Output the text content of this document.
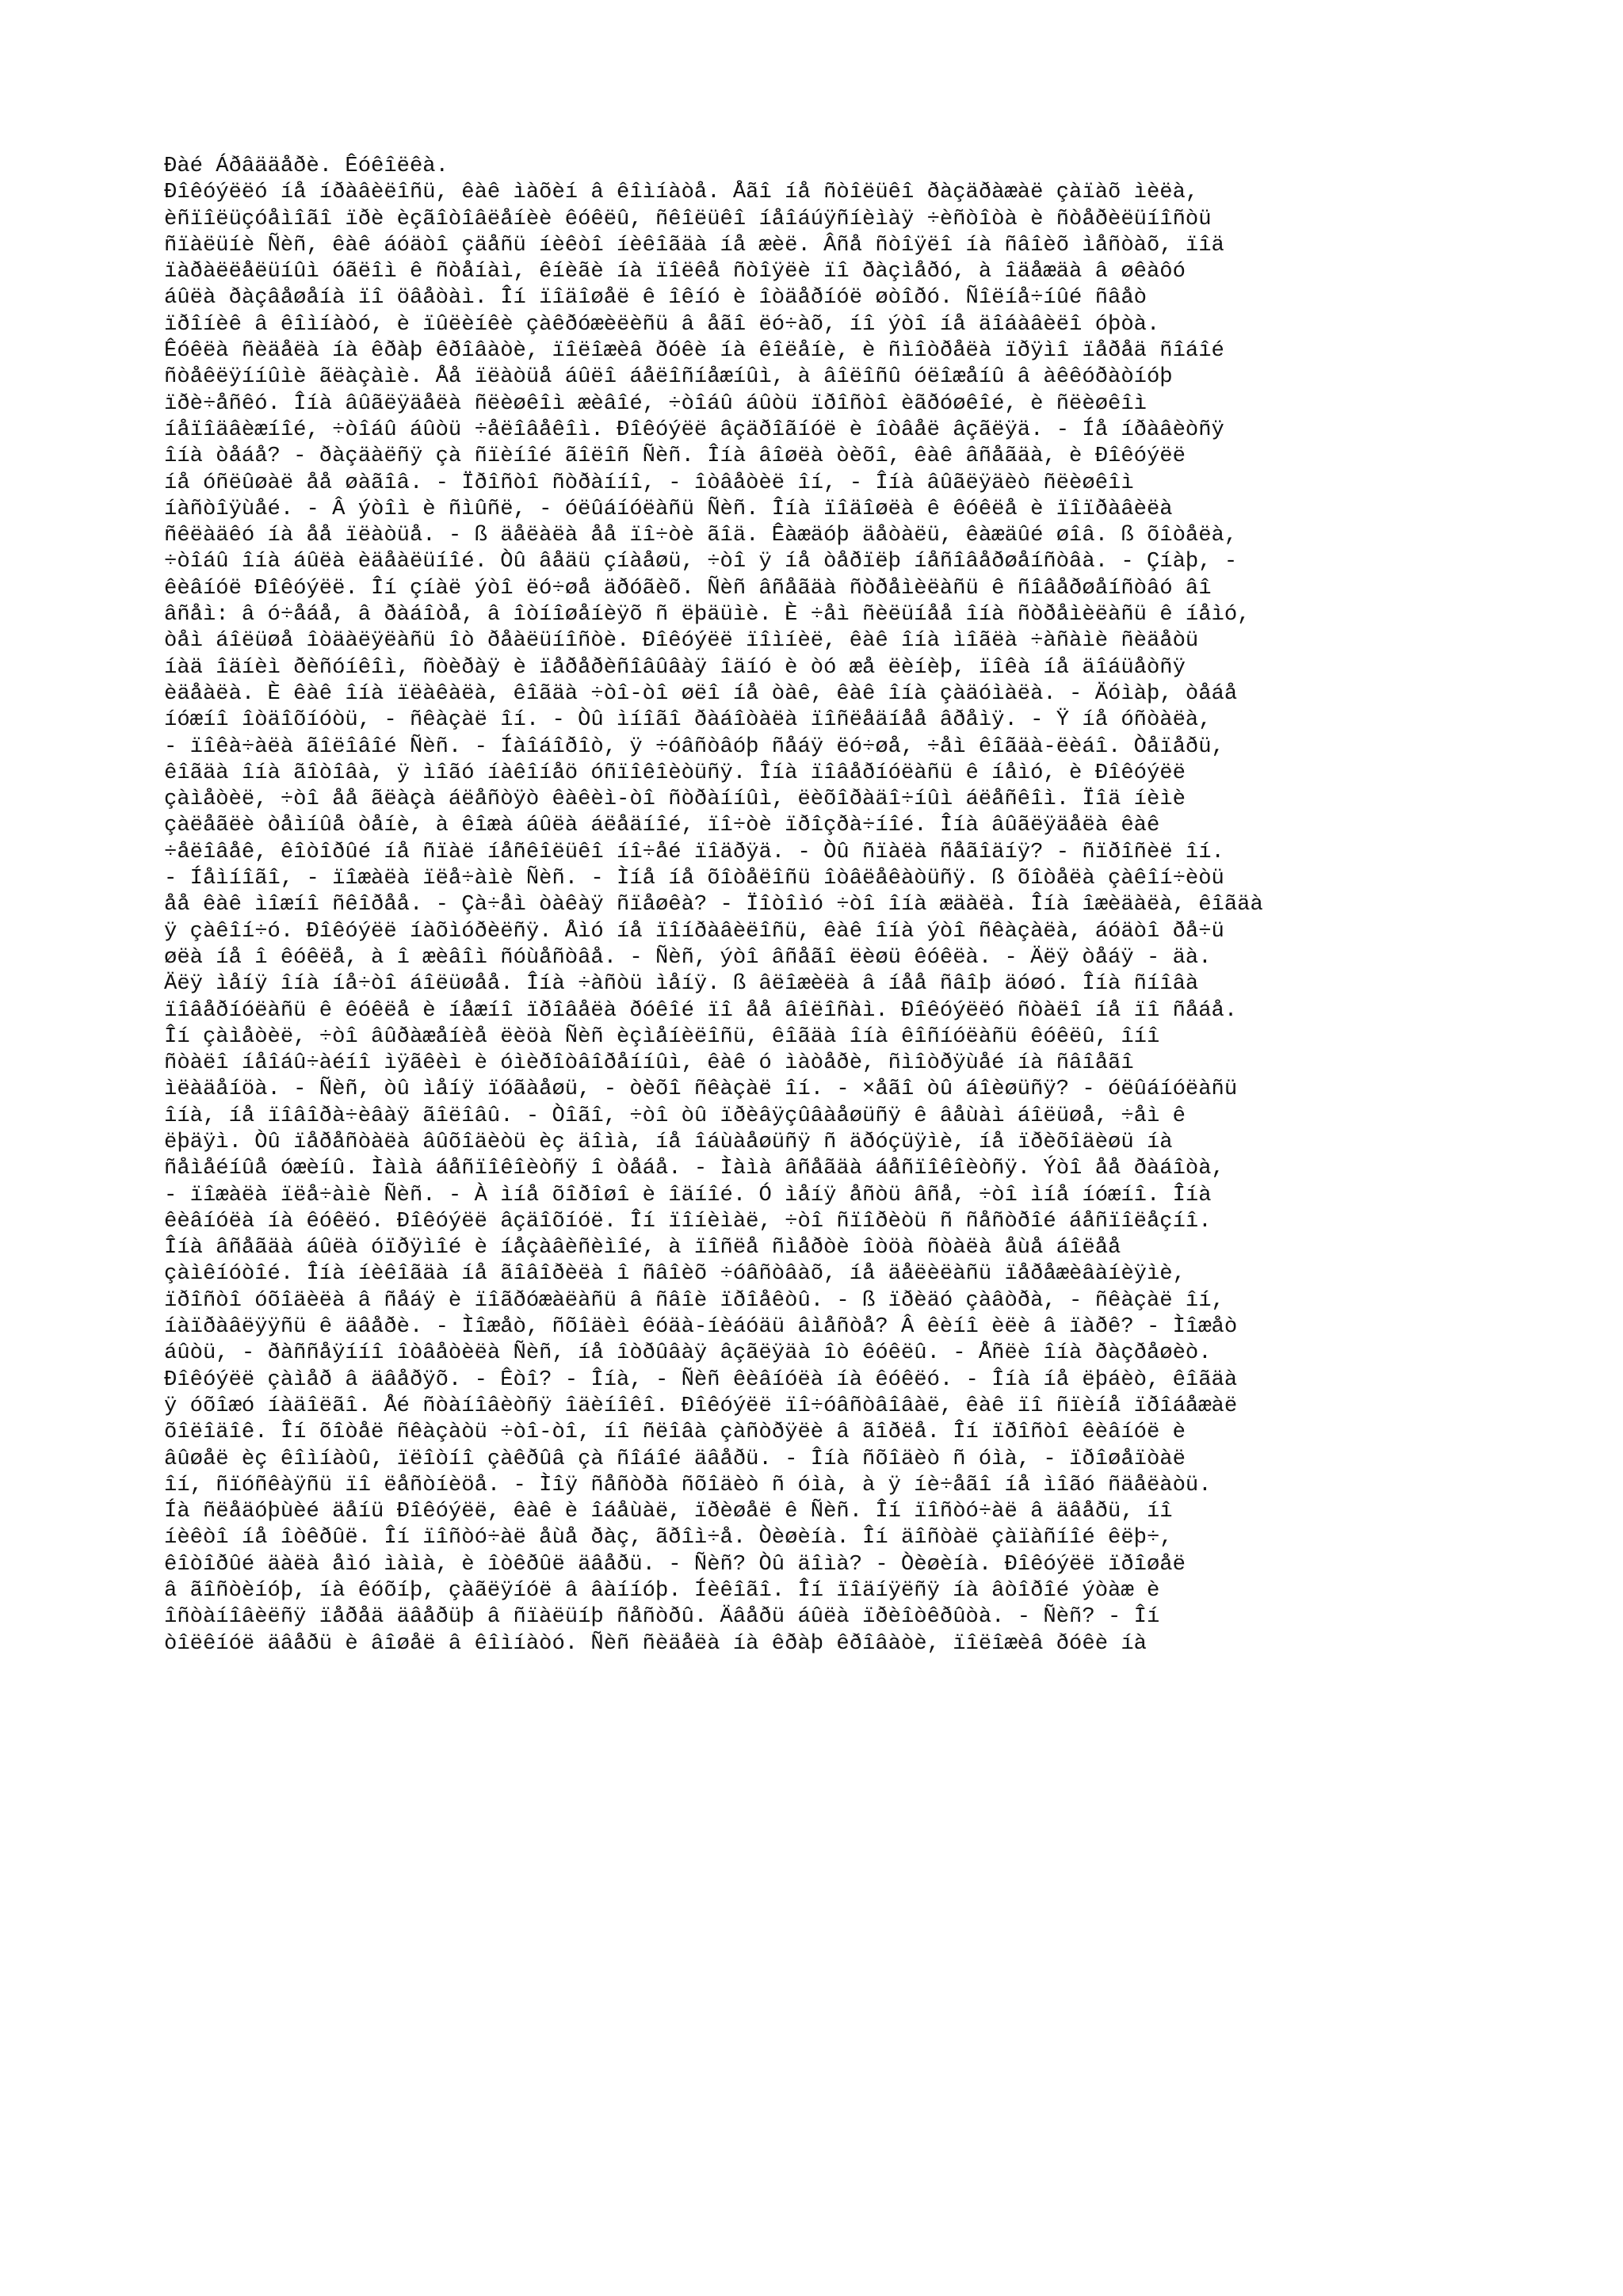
Ðàé Áðâääåðè. Êóêîëêà.
Ðîêóýëëó íå íðàâèëîñü, êàê ìàõèí â êîìíàòå. Åãî íå ñòîëüêî ðàçäðàæàë çàïàõ ìèëà,
èñïîëüçóåìîãî ïðè èçãîòîâëåíèè êóêëû, ñêîëüêî íåîáúÿñíèìàÿ ÷èñòîòà è ñòåðèëüíîñòü
ñïàëüíè Ñèñ, êàê áóäòî çäåñü íèêòî íèêîãäà íå æèë. Âñå ñòîÿëî íà ñâîèõ ìåñòàõ, ïîä
ïàðàëëåëüíûì óãëîì ê ñòåíàì, êíèãè íà ïîëêå ñòîÿëè ïî ðàçìåðó, à îäåæäà â øêàôó
áûëà ðàçâåøåíà ïî öâåòàì. Îí ïîäîøåë ê îêíó è îòäåðíóë øòîðó. Ñîëíå÷íûé ñâåò
ïðîíèê â êîìíàòó, è ïûëèíêè çàêðóæèëèñü â åãî ëó÷àõ, íî ýòî íå äîáàâèëî óþòà.
Êóêëà ñèäåëà íà êðàþ êðîâàòè, ïîëîæèâ ðóêè íà êîëåíè, è ñìîòðåëà ïðÿìî ïåðåä ñîáîé
ñòåêëÿííûìè ãëàçàìè. Åå ïëàòüå áûëî áåëîñíåæíûì, à âîëîñû óëîæåíû â àêêóðàòíóþ
ïðè÷åñêó. Îíà âûãëÿäåëà ñëèøêîì æèâîé, ÷òîáû áûòü ïðîñòî èãðóøêîé, è ñëèøêîì
íåïîäâèæíîé, ÷òîáû áûòü ÷åëîâåêîì. Ðîêóýëë âçäðîãíóë è îòâåë âçãëÿä. - Íå íðàâèòñÿ
îíà òåáå? - ðàçäàëñÿ çà ñïèíîé ãîëîñ Ñèñ. Îíà âîøëà òèõî, êàê âñåãäà, è Ðîêóýëë
íå óñëûøàë åå øàãîâ. - Ïðîñòî ñòðàííî, - îòâåòèë îí, - Îíà âûãëÿäèò ñëèøêîì
íàñòîÿùåé. - Â ýòîì è ñìûñë, - óëûáíóëàñü Ñèñ. Îíà ïîäîøëà ê êóêëå è ïîïðàâèëà
ñêëàäêó íà åå ïëàòüå. - ß äåëàëà åå ïî÷òè ãîä. Êàæäóþ äåòàëü, êàæäûé øîâ. ß õîòåëà,
÷òîáû îíà áûëà èäåàëüíîé. Òû âåäü çíàåøü, ÷òî ÿ íå òåðïëþ íåñîâåðøåíñòâà. - Çíàþ, -
êèâíóë Ðîêóýëë. Îí çíàë ýòî ëó÷øå äðóãèõ. Ñèñ âñåãäà ñòðåìèëàñü ê ñîâåðøåíñòâó âî
âñåì: â ó÷åáå, â ðàáîòå, â îòíîøåíèÿõ ñ ëþäüìè. È ÷åì ñèëüíåå îíà ñòðåìèëàñü ê íåìó,
òåì áîëüøå îòäàëÿëàñü îò ðåàëüíîñòè. Ðîêóýëë ïîìíèë, êàê îíà ìîãëà ÷àñàìè ñèäåòü
íàä îäíèì ðèñóíêîì, ñòèðàÿ è ïåðåðèñîâûâàÿ îäíó è òó æå ëèíèþ, ïîêà íå äîáüåòñÿ
èäåàëà. È êàê îíà ïëàêàëà, êîãäà ÷òî-òî øëî íå òàê, êàê îíà çàäóìàëà. - Äóìàþ, òåáå
íóæíî îòäîõíóòü, - ñêàçàë îí. - Òû ìíîãî ðàáîòàëà ïîñëåäíåå âðåìÿ. - Ÿ íå óñòàëà,
- ïîêà÷àëà ãîëîâîé Ñèñ. - Íàîáîðîò, ÿ ÷óâñòâóþ ñåáÿ ëó÷øå, ÷åì êîãäà-ëèáî. Òåïåðü,
êîãäà îíà ãîòîâà, ÿ ìîãó íàêîíåö óñïîêîèòüñÿ. Îíà ïîâåðíóëàñü ê íåìó, è Ðîêóýëë
çàìåòèë, ÷òî åå ãëàçà áëåñòÿò êàêèì-òî ñòðàííûì, ëèõîðàäî÷íûì áëåñêîì. Ïîä íèìè
çàëåãëè òåìíûå òåíè, à êîæà áûëà áëåäíîé, ïî÷òè ïðîçðà÷íîé. Îíà âûãëÿäåëà êàê
÷åëîâåê, êîòîðûé íå ñïàë íåñêîëüêî íî÷åé ïîäðÿä. - Òû ñïàëà ñåãîäíÿ? - ñïðîñèë îí.
- Íåìíîãî, - ïîæàëà ïëå÷àìè Ñèñ. - Ìíå íå õîòåëîñü îòâëåêàòüñÿ. ß õîòåëà çàêîí÷èòü
åå êàê ìîæíî ñêîðåå. - Çà÷åì òàêàÿ ñïåøêà? - Ïîòîìó ÷òî îíà æäàëà. Îíà îæèäàëà, êîãäà
ÿ çàêîí÷ó. Ðîêóýëë íàõìóðèëñÿ. Åìó íå ïîíðàâèëîñü, êàê îíà ýòî ñêàçàëà, áóäòî ðå÷ü
øëà íå î êóêëå, à î æèâîì ñóùåñòâå. - Ñèñ, ýòî âñåãî ëèøü êóêëà. - Äëÿ òåáÿ - äà.
Äëÿ ìåíÿ îíà íå÷òî áîëüøåå. Îíà ÷àñòü ìåíÿ. ß âëîæèëà â íåå ñâîþ äóøó. Îíà ñíîâà
ïîâåðíóëàñü ê êóêëå è íåæíî ïðîâåëà ðóêîé ïî åå âîëîñàì. Ðîêóýëëó ñòàëî íå ïî ñåáå.
Îí çàìåòèë, ÷òî âûðàæåíèå ëèöà Ñèñ èçìåíèëîñü, êîãäà îíà êîñíóëàñü êóêëû, îíî
ñòàëî íåîáû÷àéíî ìÿãêèì è óìèðîòâîðåííûì, êàê ó ìàòåðè, ñìîòðÿùåé íà ñâîåãî
ìëàäåíöà. - Ñèñ, òû ìåíÿ ïóãàåøü, - òèõî ñêàçàë îí. - ×åãî òû áîèøüñÿ? - óëûáíóëàñü
îíà, íå ïîâîðà÷èâàÿ ãîëîâû. - Òîãî, ÷òî òû ïðèâÿçûâàåøüñÿ ê âåùàì áîëüøå, ÷åì ê
ëþäÿì. Òû ïåðåñòàëà âûõîäèòü èç äîìà, íå îáùàåøüñÿ ñ äðóçüÿìè, íå ïðèõîäèøü íà
ñåìåéíûå óæèíû. Ìàìà áåñïîêîèòñÿ î òåáå. - Ìàìà âñåãäà áåñïîêîèòñÿ. Ýòî åå ðàáîòà,
- ïîæàëà ïëå÷àìè Ñèñ. - À ìíå õîðîøî è îäíîé. Ó ìåíÿ åñòü âñå, ÷òî ìíå íóæíî. Îíà
êèâíóëà íà êóêëó. Ðîêóýëë âçäîõíóë. Îí ïîíèìàë, ÷òî ñïîðèòü ñ ñåñòðîé áåñïîëåçíî.
Îíà âñåãäà áûëà óïðÿìîé è íåçàâèñèìîé, à ïîñëå ñìåðòè îòöà ñòàëà åùå áîëåå
çàìêíóòîé. Îíà íèêîãäà íå ãîâîðèëà î ñâîèõ ÷óâñòâàõ, íå äåëèëàñü ïåðåæèâàíèÿìè,
ïðîñòî óõîäèëà â ñåáÿ è ïîãðóæàëàñü â ñâîè ïðîåêòû. - ß ïðèäó çàâòðà, - ñêàçàë îí,
íàïðàâëÿÿñü ê äâåðè. - Ìîæåò, ñõîäèì êóäà-íèáóäü âìåñòå? Â êèíî èëè â ïàðê? - Ìîæåò
áûòü, - ðàññåÿííî îòâåòèëà Ñèñ, íå îòðûâàÿ âçãëÿäà îò êóêëû. - Åñëè îíà ðàçðåøèò.
Ðîêóýëë çàìåð â äâåðÿõ. - Êòî? - Îíà, - Ñèñ êèâíóëà íà êóêëó. - Îíà íå ëþáèò, êîãäà
ÿ óõîæó íàäîëãî. Åé ñòàíîâèòñÿ îäèíîêî. Ðîêóýëë ïî÷óâñòâîâàë, êàê ïî ñïèíå ïðîáåæàë
õîëîäîê. Îí õîòåë ñêàçàòü ÷òî-òî, íî ñëîâà çàñòðÿëè â ãîðëå. Îí ïðîñòî êèâíóë è
âûøåë èç êîìíàòû, ïëîòíî çàêðûâ çà ñîáîé äâåðü. - Îíà ñõîäèò ñ óìà, - ïðîøåïòàë
îí, ñïóñêàÿñü ïî ëåñòíèöå. - Ìîÿ ñåñòðà ñõîäèò ñ óìà, à ÿ íè÷åãî íå ìîãó ñäåëàòü.
Íà ñëåäóþùèé äåíü Ðîêóýëë, êàê è îáåùàë, ïðèøåë ê Ñèñ. Îí ïîñòó÷àë â äâåðü, íî
íèêòî íå îòêðûë. Îí ïîñòó÷àë åùå ðàç, ãðîì÷å. Òèøèíà. Îí äîñòàë çàïàñíîé êëþ÷,
êîòîðûé äàëà åìó ìàìà, è îòêðûë äâåðü. - Ñèñ? Òû äîìà? - Òèøèíà. Ðîêóýëë ïðîøåë
â ãîñòèíóþ, íà êóõíþ, çàãëÿíóë â âàííóþ. Íèêîãî. Îí ïîäíÿëñÿ íà âòîðîé ýòàæ è
îñòàíîâèëñÿ ïåðåä äâåðüþ â ñïàëüíþ ñåñòðû. Äâåðü áûëà ïðèîòêðûòà. - Ñèñ? - Îí
òîëêíóë äâåðü è âîøåë â êîìíàòó. Ñèñ ñèäåëà íà êðàþ êðîâàòè, ïîëîæèâ ðóêè íà
